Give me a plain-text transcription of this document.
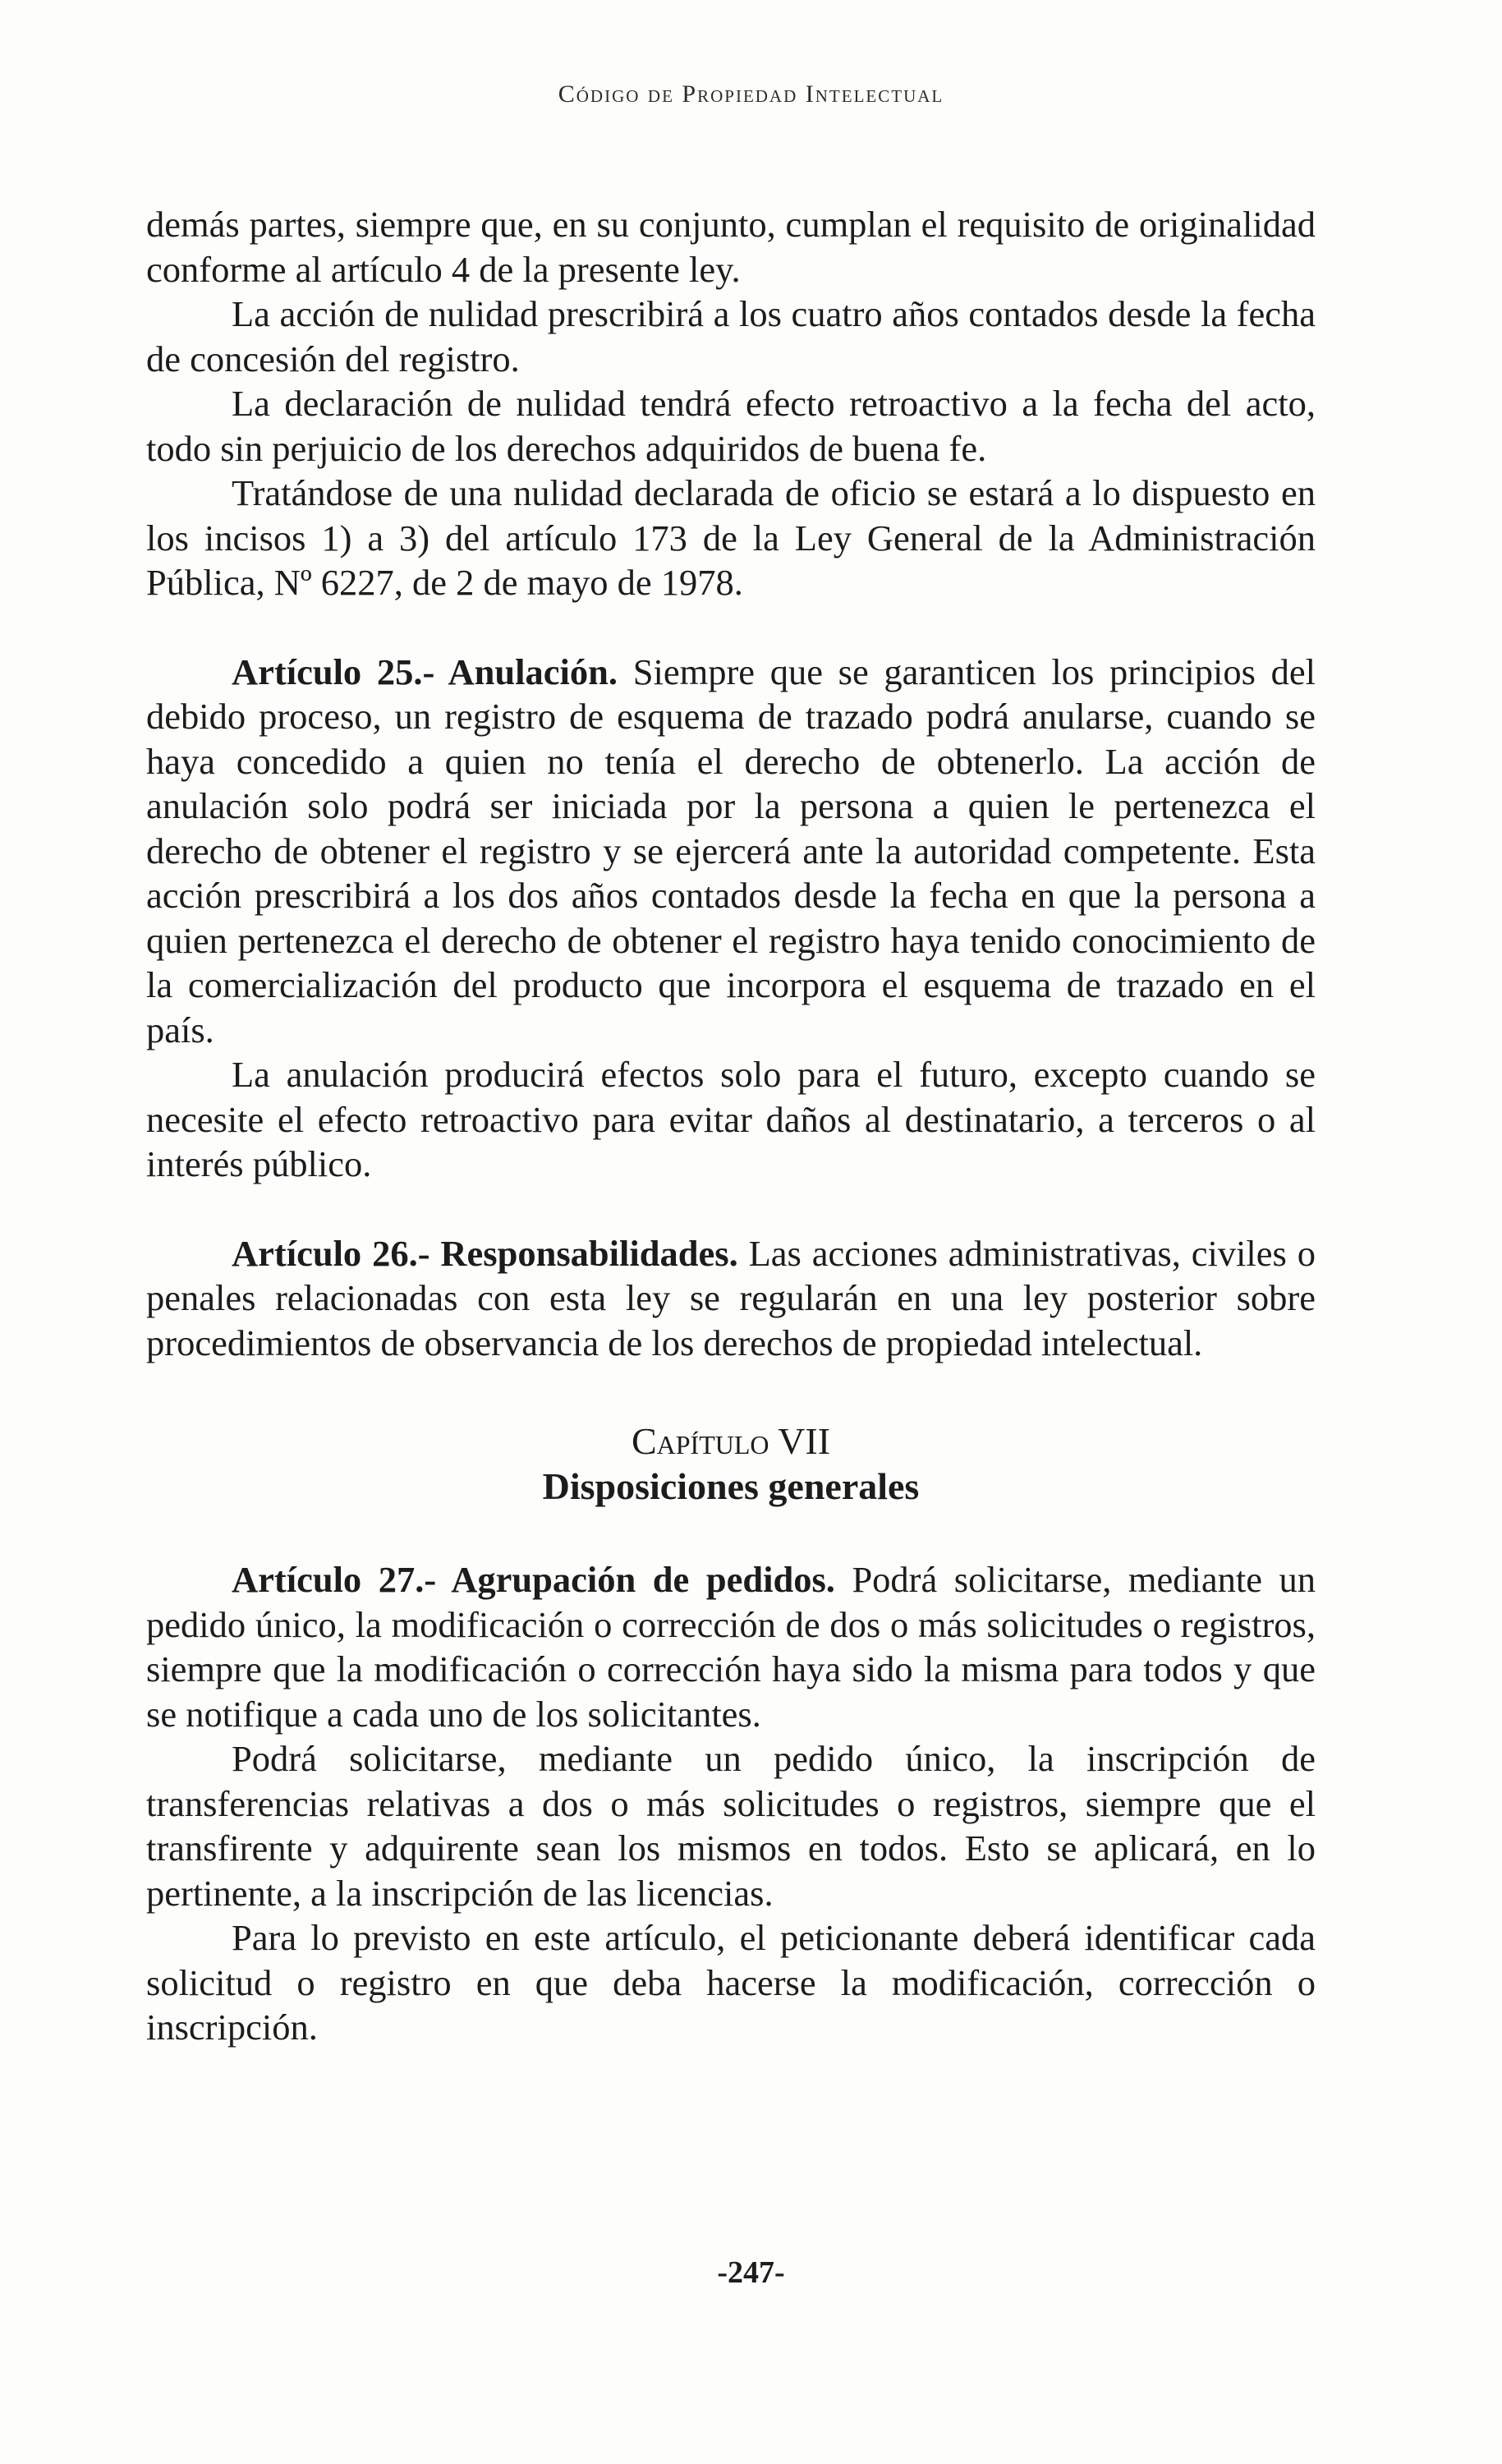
Código de Propiedad Intelectual

demás partes, siempre que, en su conjunto, cumplan el requisito de originalidad conforme al artículo 4 de la presente ley.

La acción de nulidad prescribirá a los cuatro años contados desde la fecha de concesión del registro.

La declaración de nulidad tendrá efecto retroactivo a la fecha del acto, todo sin perjuicio de los derechos adquiridos de buena fe.

Tratándose de una nulidad declarada de oficio se estará a lo dispuesto en los incisos 1) a 3) del artículo 173 de la Ley General de la Administración Pública, Nº 6227, de 2 de mayo de 1978.

Artículo 25.- Anulación. Siempre que se garanticen los principios del debido proceso, un registro de esquema de trazado podrá anularse, cuando se haya concedido a quien no tenía el derecho de obtenerlo. La acción de anulación solo podrá ser iniciada por la persona a quien le pertenezca el derecho de obtener el registro y se ejercerá ante la autoridad competente. Esta acción prescribirá a los dos años contados desde la fecha en que la persona a quien pertenezca el derecho de obtener el registro haya tenido conocimiento de la comercialización del producto que incorpora el esquema de trazado en el país.

La anulación producirá efectos solo para el futuro, excepto cuando se necesite el efecto retroactivo para evitar daños al destinatario, a terceros o al interés público.

Artículo 26.- Responsabilidades. Las acciones administrativas, civiles o penales relacionadas con esta ley se regularán en una ley posterior sobre procedimientos de observancia de los derechos de propiedad intelectual.

Capítulo VII
Disposiciones generales

Artículo 27.- Agrupación de pedidos. Podrá solicitarse, mediante un pedido único, la modificación o corrección de dos o más solicitudes o registros, siempre que la modificación o corrección haya sido la misma para todos y que se notifique a cada uno de los solicitantes.

Podrá solicitarse, mediante un pedido único, la inscripción de transferencias relativas a dos o más solicitudes o registros, siempre que el transfirente y adquirente sean los mismos en todos. Esto se aplicará, en lo pertinente, a la inscripción de las licencias.

Para lo previsto en este artículo, el peticionante deberá identificar cada solicitud o registro en que deba hacerse la modificación, corrección o inscripción.

-247-
